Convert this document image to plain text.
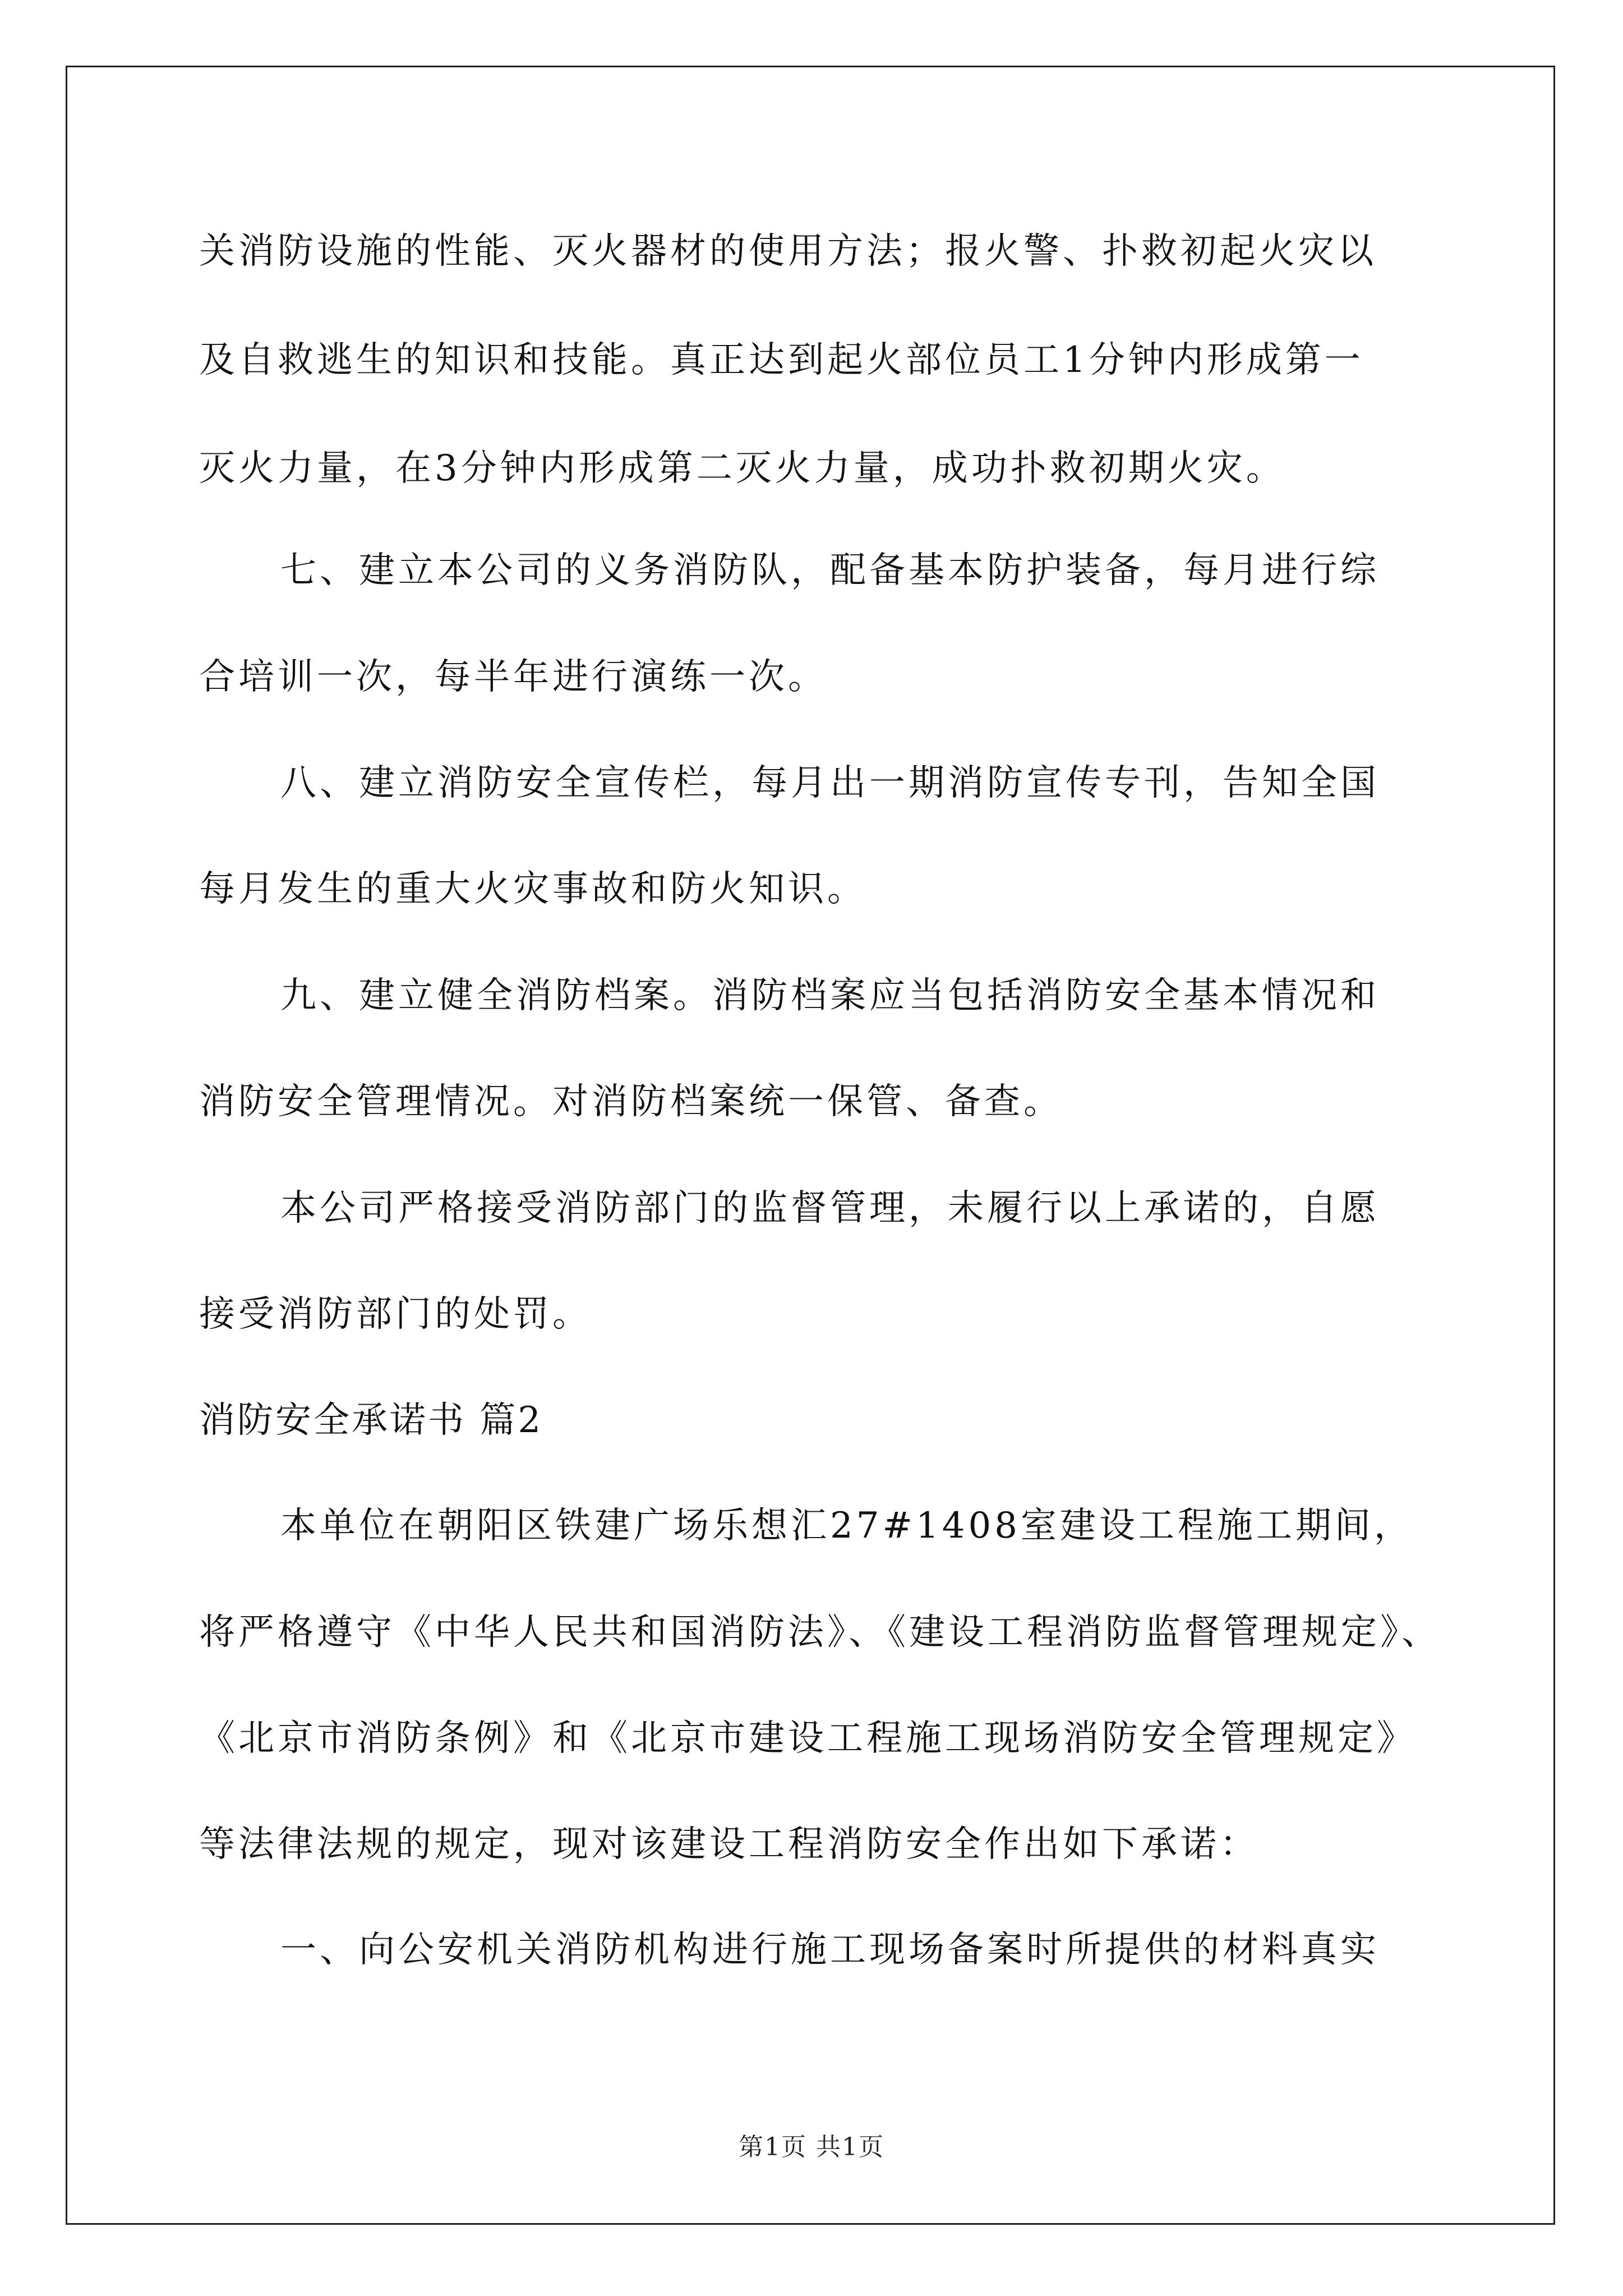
关消防设施的性能、灭火器材的使用方法；报火警、扑救初起火灾以
及自救逃生的知识和技能。真正达到起火部位员工1分钟内形成第一
灭火力量，在3分钟内形成第二灭火力量，成功扑救初期火灾。
七、建立本公司的义务消防队，配备基本防护装备，每月进行综
合培训一次，每半年进行演练一次。
八、建立消防安全宣传栏，每月出一期消防宣传专刊，告知全国
每月发生的重大火灾事故和防火知识。
九、建立健全消防档案。消防档案应当包括消防安全基本情况和
消防安全管理情况。对消防档案统一保管、备查。
本公司严格接受消防部门的监督管理，未履行以上承诺的，自愿
接受消防部门的处罚。
消防安全承诺书 篇2
本单位在朝阳区铁建广场乐想汇27#1408室建设工程施工期间，
将严格遵守《中华人民共和国消防法》、《建设工程消防监督管理规定》、
《北京市消防条例》和《北京市建设工程施工现场消防安全管理规定》
等法律法规的规定，现对该建设工程消防安全作出如下承诺：
一、向公安机关消防机构进行施工现场备案时所提供的材料真实
第1页 共1页
